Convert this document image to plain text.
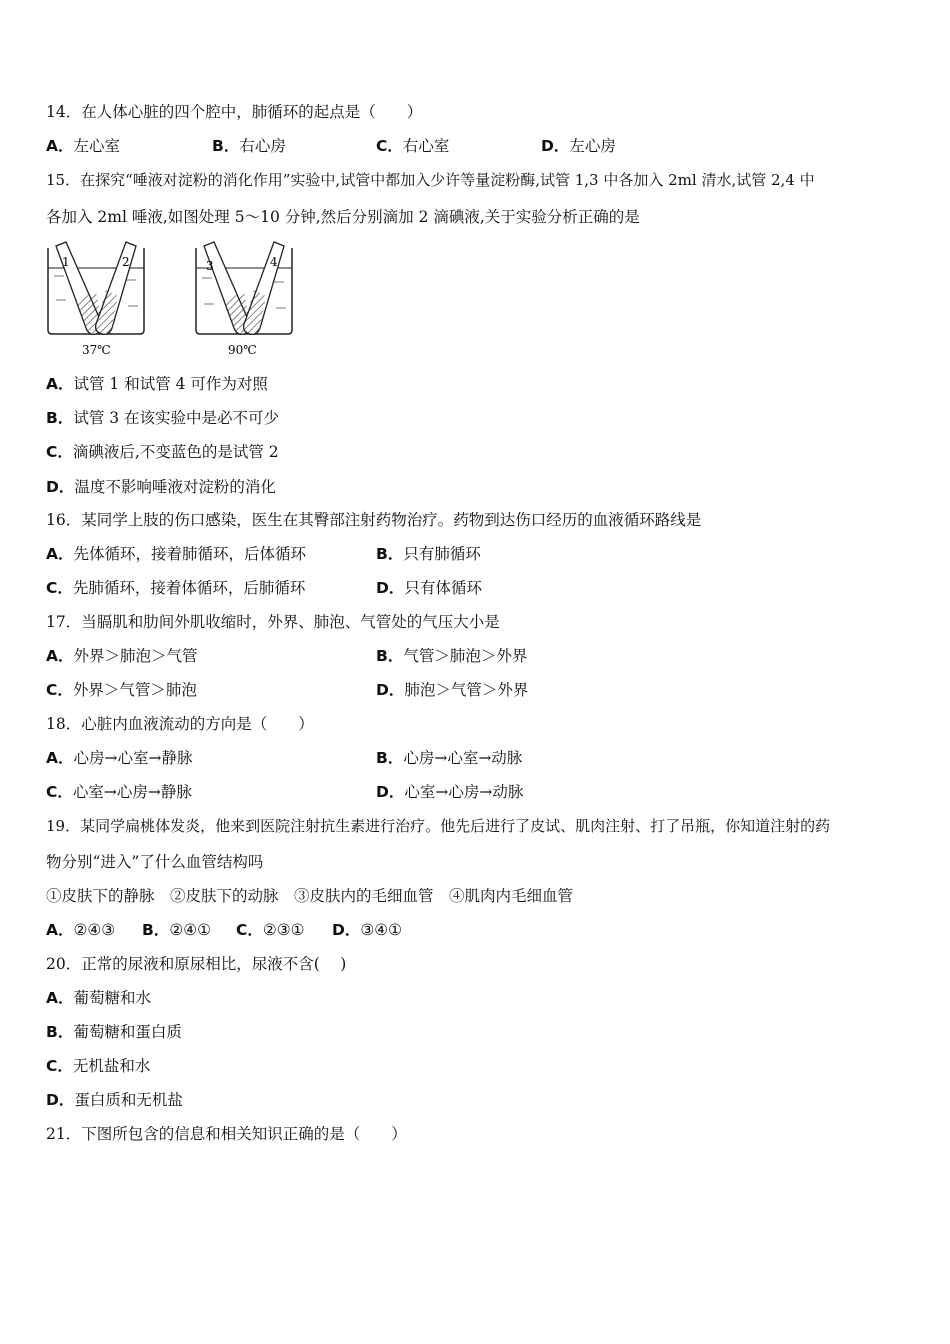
14．在人体心脏的四个腔中，肺循环的起点是（　　）
A．左心室	B．右心房	C．右心室	D．左心房
15．在探究“唾液对淀粉的消化作用”实验中,试管中都加入少许等量淀粉酶,试管 1,3 中各加入 2ml 清水,试管 2,4 中
各加入 2ml 唾液,如图处理 5～10 分钟,然后分别滴加 2 滴碘液,关于实验分析正确的是
1	2
37℃
3	4
90℃
A．试管 1 和试管 4 可作为对照
B．试管 3 在该实验中是必不可少
C．滴碘液后,不变蓝色的是试管 2
D．温度不影响唾液对淀粉的消化
16．某同学上肢的伤口感染，医生在其臀部注射药物治疗。药物到达伤口经历的血液循环路线是
A．先体循环，接着肺循环，后体循环	B．只有肺循环
C．先肺循环，接着体循环，后肺循环	D．只有体循环
17．当膈肌和肋间外肌收缩时，外界、肺泡、气管处的气压大小是
A．外界＞肺泡＞气管	B．气管＞肺泡＞外界
C．外界＞气管＞肺泡	D．肺泡＞气管＞外界
18．心脏内血液流动的方向是（　　）
A．心房→心室→静脉	B．心房→心室→动脉
C．心室→心房→静脉	D．心室→心房→动脉
19．某同学扁桃体发炎，他来到医院注射抗生素进行治疗。他先后进行了皮试、肌肉注射、打了吊瓶，你知道注射的药
物分别“进入”了什么血管结构吗
①皮肤下的静脉　②皮肤下的动脉　③皮肤内的毛细血管　④肌肉内毛细血管
A．②④③ B．②④① C．②③① D．③④①
20．正常的尿液和原尿相比，尿液不含(　 )
A．葡萄糖和水
B．葡萄糖和蛋白质
C．无机盐和水
D．蛋白质和无机盐
21．下图所包含的信息和相关知识正确的是（　　）
